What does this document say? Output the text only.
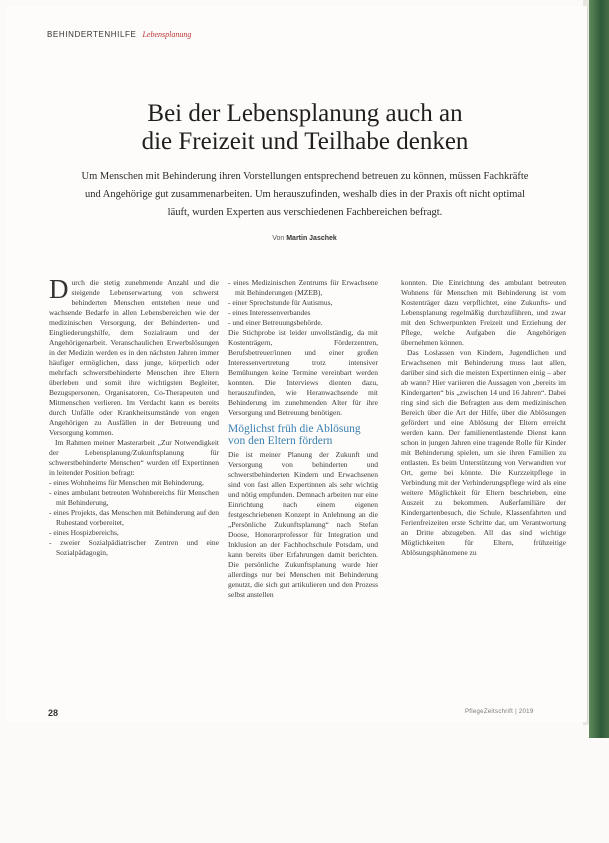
BEHINDERTENHILFE Lebensplanung
Bei der Lebensplanung auch an
die Freizeit und Teilhabe denken
Um Menschen mit Behinderung ihren Vorstellungen entsprechend betreuen zu können, müssen Fachkräfte und Angehörige gut zusammenarbeiten. Um herauszufinden, weshalb dies in der Praxis oft nicht optimal läuft, wurden Experten aus verschiedenen Fachbereichen befragt.
Von Martin Jaschek

Durch die stetig zunehmende Anzahl und die steigende Lebenserwartung von schwerst behinderten Menschen entstehen neue und wachsende Bedarfe in allen Lebensbereichen wie der medizinischen Versorgung, der Behinderten- und Eingliederungshilfe, dem Sozialraum und der Angehörigenarbeit. Veranschaulichen Erwerbslösungen in der Medizin werden es in den nächsten Jahren immer häufiger ermöglichen, dass junge, körperlich oder mehrfach schwerstbehinderte Menschen ihre Eltern überleben und somit ihre wichtigsten Begleiter, Bezugspersonen, Organisatoren, Co-Therapeuten und Mitmenschen verlieren. Im Verdacht kann es bereits durch Unfälle oder Krankheitsumstände von engen Angehörigen zu Ausfällen in der Betreuung und Versorgung kommen.

Im Rahmen meiner Masterarbeit „Zur Notwendigkeit der Lebensplanung/Zukunftsplanung für schwerstbehinderte Menschen“ wurden elf Expertinnen in leitender Position befragt:

- eines Wohnheims für Menschen mit Behinderung,
- eines ambulant betreuten Wohnbereichs für Menschen mit Behinderung,
- eines Projekts, das Menschen mit Behinderung auf den Ruhestand vorbereitet,
- eines Hospizbereichs,
- zweier Sozialpädiatrischer Zentren und eine Sozialpädagogin,
- eines Medizinischen Zentrums für Erwachsene mit Behinderungen (MZEB),
- einer Sprechstunde für Autismus,
- eines Interessenverbandes
- und einer Betreuungsbehörde.

Die Stichprobe ist leider unvollständig, da mit Kostenträgern, Förderzentren, Berufsbetreuer/innen und einer großen Interessenvertretung trotz intensiver Bemühungen keine Termine vereinbart werden konnten. Die Interviews dienten dazu, herauszufinden, wie Heranwachsende mit Behinderung im zunehmenden Alter für ihre Versorgung und Betreuung benötigen.

Möglichst früh die Ablösung von den Eltern fördern

Die ist meiner Planung der Zukunft und Versorgung von behinderten und schwerstbehinderten Kindern und Erwachsenen sind von fast allen Expertinnen als sehr wichtig und nötig empfunden. Demnach arbeiten nur eine Einrichtung nach einem eigenen festgeschriebenen Konzept in Anlehnung an die „Persönliche Zukunftsplanung“ nach Stefan Doose, Honorarprofessor für Integration und Inklusion an der Fachhochschule Potsdam, und kann bereits über Erfahrungen damit berichten. Die persönliche Zukunftsplanung wurde hier allerdings nur bei Menschen mit Behinderung genutzt, die sich gut artikulieren und den Prozess selbst anstellen

konnten. Die Einrichtung des ambulant betreuten Wohnens für Menschen mit Behinderung ist vom Kostenträger dazu verpflichtet, eine Zukunfts- und Lebensplanung regelmäßig durchzuführen, und zwar mit den Schwerpunkten Freizeit und Erziehung der Pflege, welche Aufgaben die Angehörigen übernehmen können.

Das Loslassen von Kindern, Jugendlichen und Erwachsenen mit Behinderung muss laut allen, darüber sind sich die meisten Expertinnen einig – aber ab wann? Hier variieren die Aussagen von „bereits im Kindergarten“ bis „zwischen 14 und 16 Jahren“. Dabei ring sind sich die Befragten aus dem medizinischen Bereich über die Art der Hilfe, über die Ablösungen gefördert und eine Ablösung der Eltern erreicht werden kann. Der familienentlastende Dienst kann schon in jungen Jahren eine tragende Rolle für Kinder mit Behinderung spielen, um sie ihren Familien zu entlasten. Es beim Unterstützung von Verwandten vor Ort, gerne bei könnte. Die Kurzzeitpflege in Verbindung mit der Verhinderungspflege wird als eine weitere Möglichkeit für Eltern beschrieben, eine Auszeit zu bekommen. Außerfamiliäre der Kindergartenbesuch, die Schule, Klassenfahrten und Ferienfreizeiten erste Schritte dar, um Verantwortung an Dritte abzugeben. All das sind wichtige Möglichkeiten für Eltern, frühzeitige Ablösungsphänomene zu

28	PflegeZeitschrift | 2019
